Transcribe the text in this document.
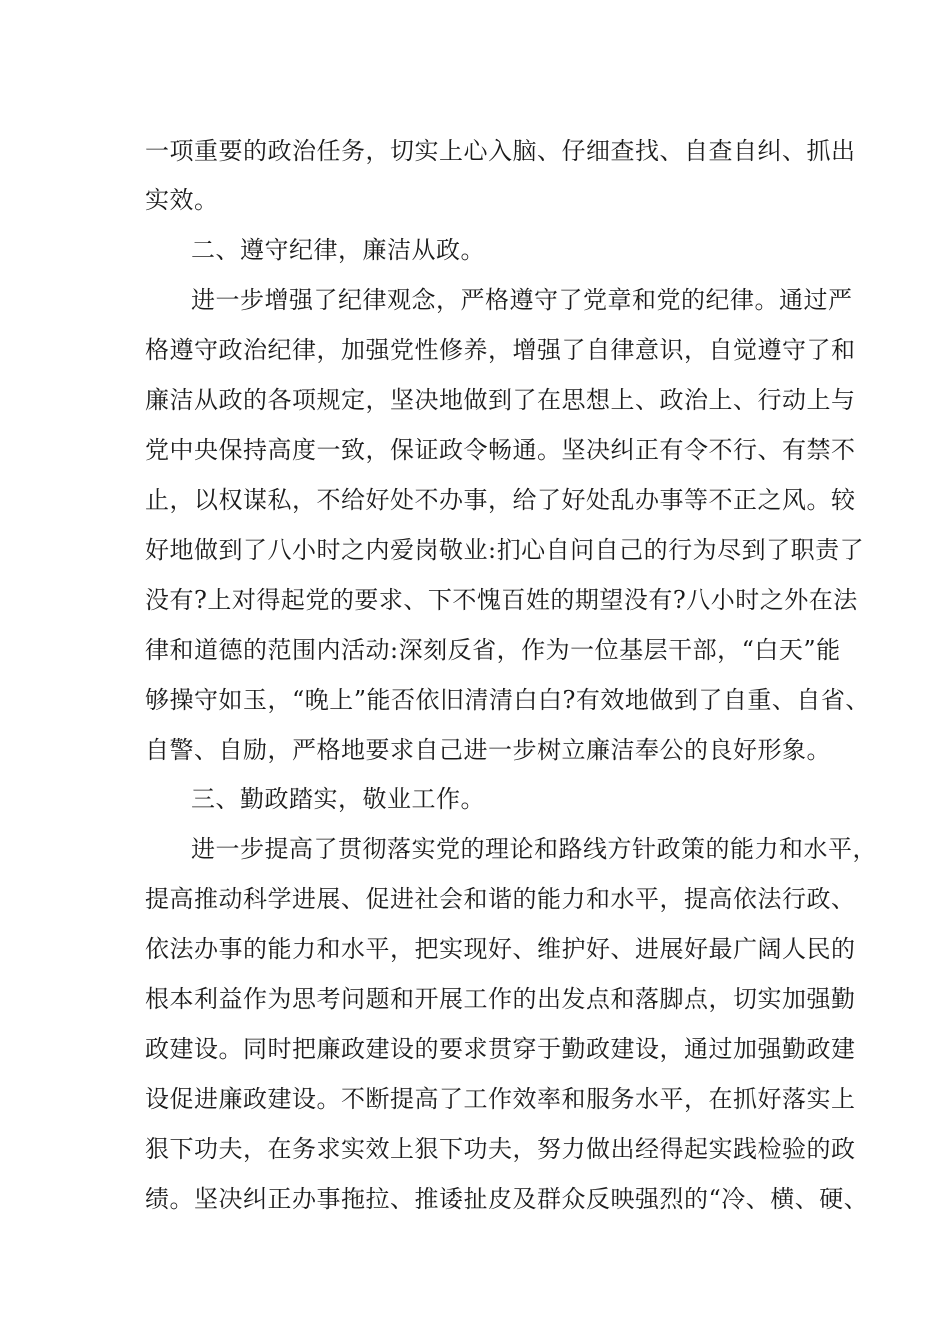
一项重要的政治任务，切实上心入脑、仔细查找、自查自纠、抓出

实效。

二、遵守纪律，廉洁从政。

进一步增强了纪律观念，严格遵守了党章和党的纪律。通过严

格遵守政治纪律，加强党性修养，增强了自律意识，自觉遵守了和

廉洁从政的各项规定，坚决地做到了在思想上、政治上、行动上与

党中央保持高度一致，保证政令畅通。坚决纠正有令不行、有禁不

止，以权谋私，不给好处不办事，给了好处乱办事等不正之风。较

好地做到了八小时之内爱岗敬业:扪心自问自己的行为尽到了职责了

没有?上对得起党的要求、下不愧百姓的期望没有?八小时之外在法

律和道德的范围内活动:深刻反省，作为一位基层干部，“白天”能

够操守如玉，“晚上”能否依旧清清白白?有效地做到了自重、自省、

自警、自励，严格地要求自己进一步树立廉洁奉公的良好形象。

三、勤政踏实，敬业工作。

进一步提高了贯彻落实党的理论和路线方针政策的能力和水平，

提高推动科学进展、促进社会和谐的能力和水平，提高依法行政、

依法办事的能力和水平，把实现好、维护好、进展好最广阔人民的

根本利益作为思考问题和开展工作的出发点和落脚点，切实加强勤

政建设。同时把廉政建设的要求贯穿于勤政建设，通过加强勤政建

设促进廉政建设。不断提高了工作效率和服务水平，在抓好落实上

狠下功夫，在务求实效上狠下功夫，努力做出经得起实践检验的政

绩。坚决纠正办事拖拉、推诿扯皮及群众反映强烈的“冷、横、硬、
